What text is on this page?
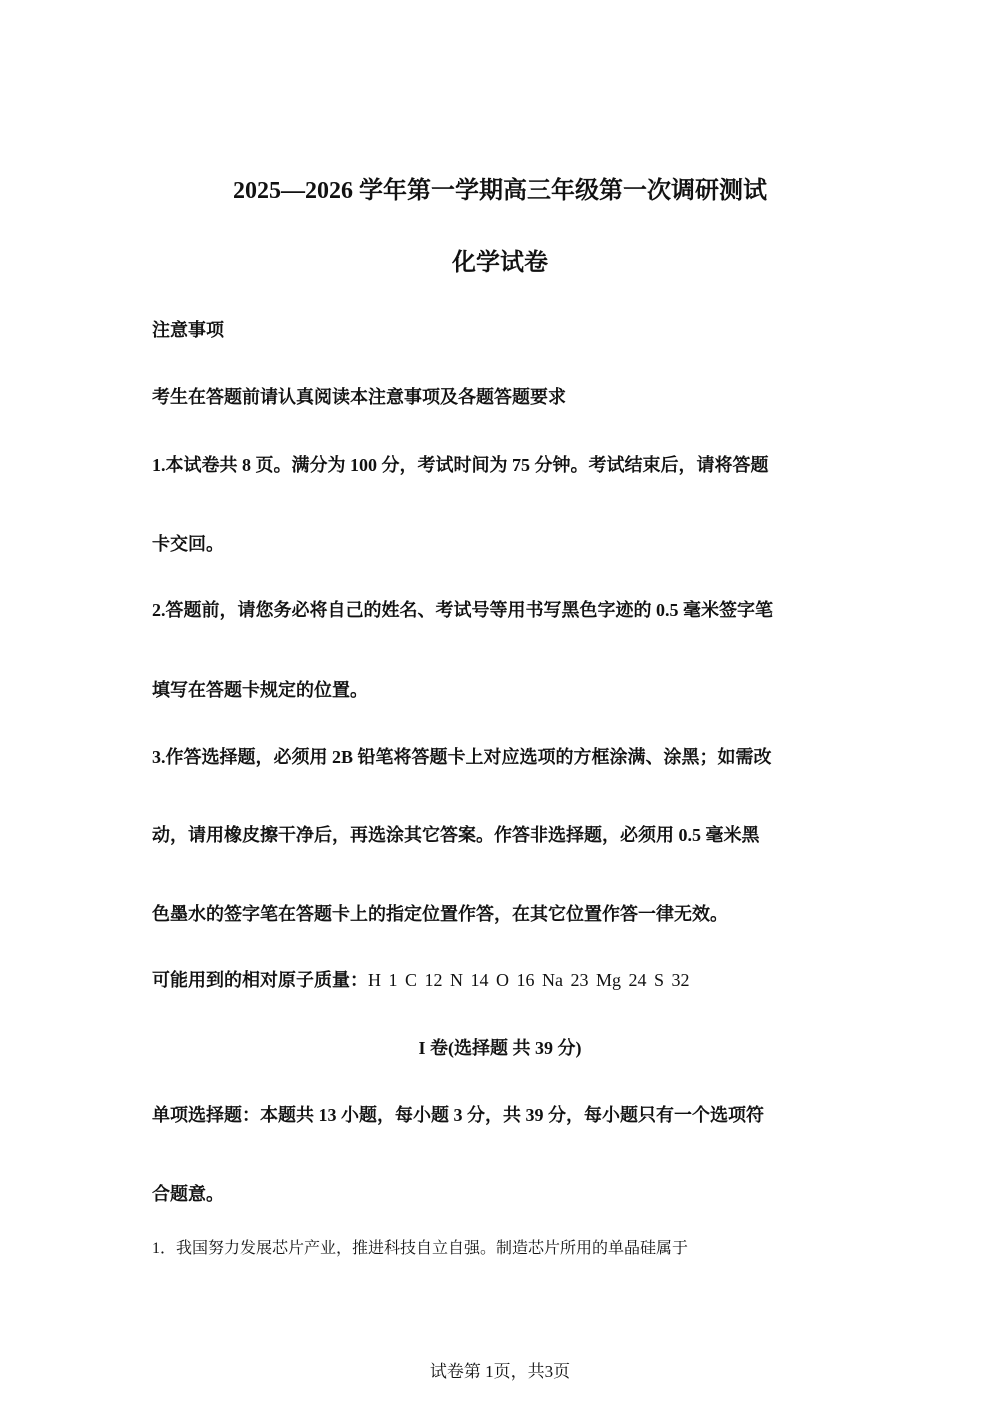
2025—2026 学年第一学期高三年级第一次调研测试
化学试卷
注意事项
考生在答题前请认真阅读本注意事项及各题答题要求
1.本试卷共 8 页。满分为 100 分，考试时间为 75 分钟。考试结束后，请将答题
卡交回。
2.答题前，请您务必将自己的姓名、考试号等用书写黑色字迹的 0.5 毫米签字笔
填写在答题卡规定的位置。
3.作答选择题，必须用 2B 铅笔将答题卡上对应选项的方框涂满、涂黑；如需改
动，请用橡皮擦干净后，再选涂其它答案。作答非选择题，必须用 0.5 毫米黑
色墨水的签字笔在答题卡上的指定位置作答，在其它位置作答一律无效。
可能用到的相对原子质量：H 1 C 12 N 14 O 16 Na 23 Mg 24 S 32
I 卷(选择题 共 39 分)
单项选择题：本题共 13 小题，每小题 3 分，共 39 分，每小题只有一个选项符
合题意。
1．我国努力发展芯片产业，推进科技自立自强。制造芯片所用的单晶硅属于
试卷第 1页，共3页
